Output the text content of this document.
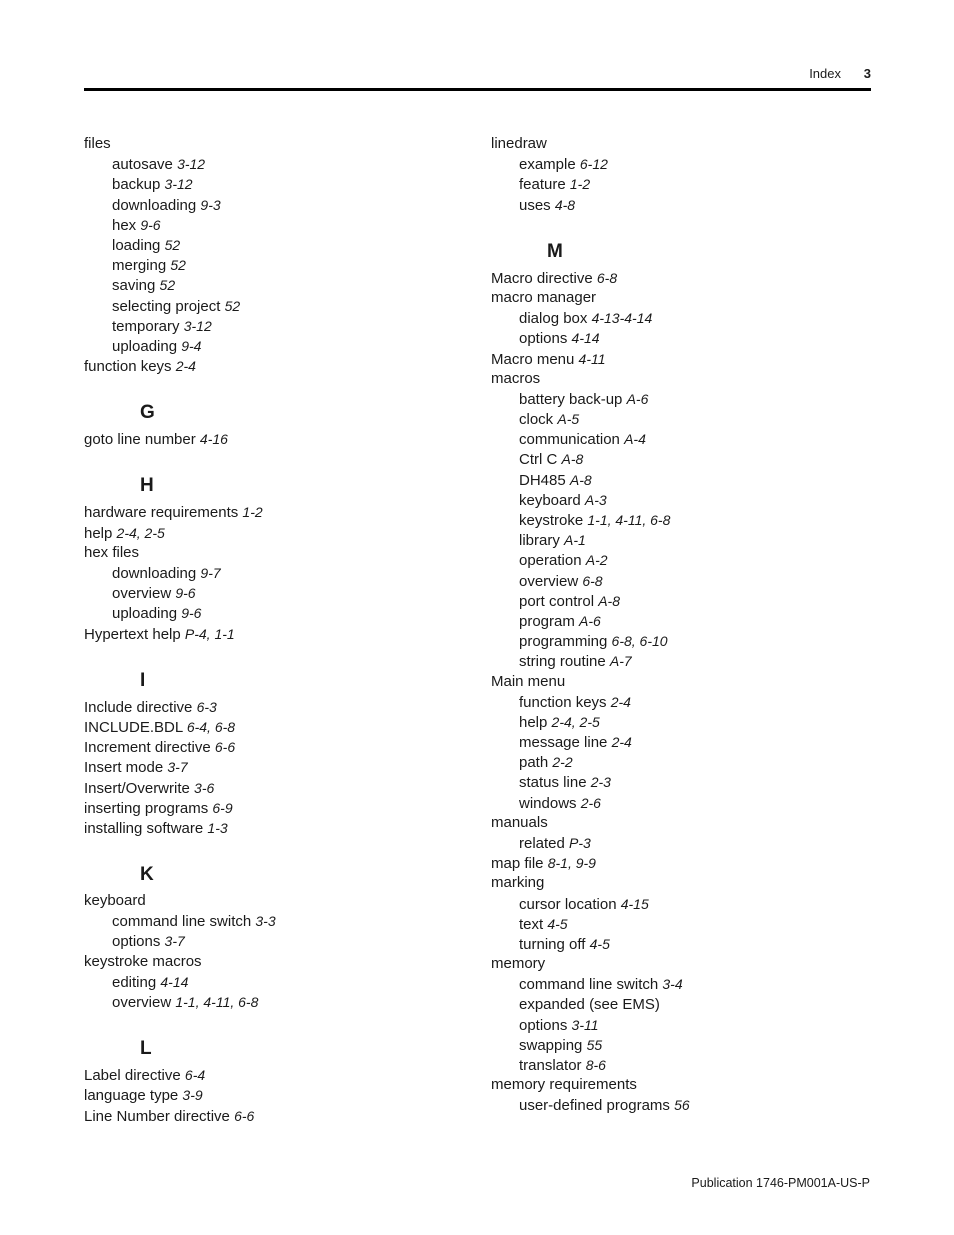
Index 3
files
autosave 3-12
backup 3-12
downloading 9-3
hex 9-6
loading 52
merging 52
saving 52
selecting project 52
temporary 3-12
uploading 9-4
function keys 2-4
G
goto line number 4-16
H
hardware requirements 1-2
help 2-4, 2-5
hex files
downloading 9-7
overview 9-6
uploading 9-6
Hypertext help P-4, 1-1
I
Include directive 6-3
INCLUDE.BDL 6-4, 6-8
Increment directive 6-6
Insert mode 3-7
Insert/Overwrite 3-6
inserting programs 6-9
installing software 1-3
K
keyboard
command line switch 3-3
options 3-7
keystroke macros
editing 4-14
overview 1-1, 4-11, 6-8
L
Label directive 6-4
language type 3-9
Line Number directive 6-6
linedraw
example 6-12
feature 1-2
uses 4-8
M
Macro directive 6-8
macro manager
dialog box 4-13-4-14
options 4-14
Macro menu 4-11
macros
battery back-up A-6
clock A-5
communication A-4
Ctrl C A-8
DH485 A-8
keyboard A-3
keystroke 1-1, 4-11, 6-8
library A-1
operation A-2
overview 6-8
port control A-8
program A-6
programming 6-8, 6-10
string routine A-7
Main menu
function keys 2-4
help 2-4, 2-5
message line 2-4
path 2-2
status line 2-3
windows 2-6
manuals
related P-3
map file 8-1, 9-9
marking
cursor location 4-15
text 4-5
turning off 4-5
memory
command line switch 3-4
expanded (see EMS)
options 3-11
swapping 55
translator 8-6
memory requirements
user-defined programs 56
Publication 1746-PM001A-US-P
